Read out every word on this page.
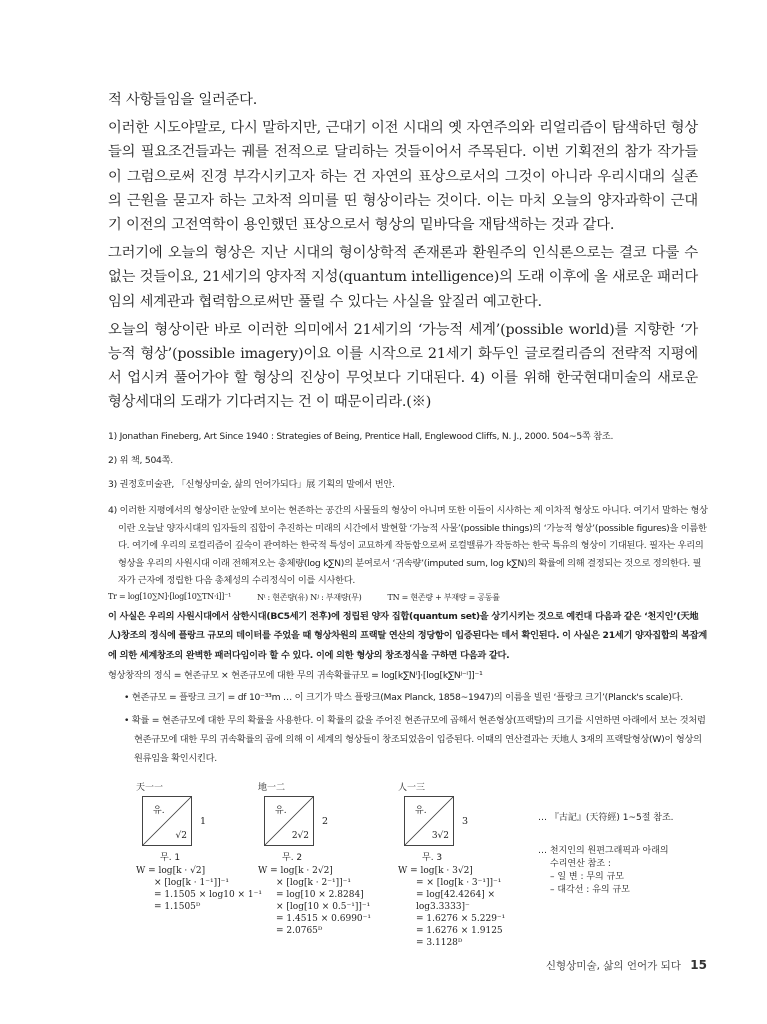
적 사항들임을 일러준다.

이러한 시도야말로, 다시 말하지만, 근대기 이전 시대의 옛 자연주의와 리얼리즘이 탐색하던 형상들의 필요조건들과는 궤를 전적으로 달리하는 것들이어서 주목된다. 이번 기획전의 참가 작가들이 그럼으로써 진경 부각시키고자 하는 건 자연의 표상으로서의 그것이 아니라 우리시대의 실존의 근원을 묻고자 하는 고차적 의미를 띤 형상이라는 것이다. 이는 마치 오늘의 양자과학이 근대기 이전의 고전역학이 용인했던 표상으로서 형상의 밑바닥을 재탐색하는 것과 같다.

그러기에 오늘의 형상은 지난 시대의 형이상학적 존재론과 환원주의 인식론으로는 결코 다룰 수 없는 것들이요, 21세기의 양자적 지성(quantum intelligence)의 도래 이후에 올 새로운 패러다임의 세계관과 협력함으로써만 풀릴 수 있다는 사실을 앞질러 예고한다.

오늘의 형상이란 바로 이러한 의미에서 21세기의 ‘가능적 세계’(possible world)를 지향한 ‘가능적 형상’(possible imagery)이요 이를 시작으로 21세기 화두인 글로컬리즘의 전략적 지평에서 업시켜 풀어가야 할 형상의 진상이 무엇보다 기대된다. 4) 이를 위해 한국현대미술의 새로운 형상세대의 도래가 기다려지는 건 이 때문이리라.(※)

1) Jonathan Fineberg, Art Since 1940 : Strategies of Being, Prentice Hall, Englewood Cliffs, N. J., 2000. 504~5쪽 참조.

2) 위 책, 504쪽.

3) 권정호미술관, 「신형상미술, 삶의 언어가되다」展 기획의 말에서 번안.

4) 이러한 지평에서의 형상이란 눈앞에 보이는 현존하는 공간의 사물들의 형상이 아니며 또한 이들이 시사하는 제 이차적 형상도 아니다. 여기서 말하는 형상이란 오늘날 양자시대의 입자들의 집합이 추진하는 미래의 시간에서 발현할 ‘가능적 사물’(possible things)의 ‘가능적 형상’(possible figures)을 이름한다. 여기에 우리의 로컬리즘이 깊숙이 관여하는 한국적 특성이 교묘하게 작동함으로써 로컬밸류가 작동하는 한국 특유의 형상이 기대된다. 필자는 우리의 형상을 우리의 사원시대 이래 전해져오는 총체량(log k∑N)의 분여로서 ‘귀속량’(imputed sum, log k∑N)의 확률에 의해 결정되는 것으로 정의한다. 필자가 근자에 정립한 다음 총체성의 수리정식이 이를 시사한다.

Tr = log[10∑N]·[log[10∑TN·i]]⁻¹	Nⁱ : 현존량(유) Nʲ : 부재량(무)	TN = 현존량 + 부재량 = 공동률

이 사실은 우리의 사원시대에서 삼한시대(BC5세기 전후)에 정립된 양자 집합(quantum set)을 상기시키는 것으로 예컨대 다음과 같은 ‘천지인’(天地人)창조의 정식에 플랑크 규모의 데이터를 주었을 때 형상차원의 프랙탈 연산의 정당함이 입증된다는 데서 확인된다. 이 사실은 21세기 양자집합의 복잡계에 의한 세계창조의 완벽한 패러다임이라 할 수 있다. 이에 의한 형상의 창조정식을 구하면 다음과 같다.

형상창작의 정식 = 현존규모 × 현존규모에 대한 무의 귀속확률규모 = log[k∑Nⁱ]·[log[k∑Nʲ⁻ⁱ]]⁻¹

• 현존규모 = 플랑크 크기 = df 10⁻³³m … 이 크기가 막스 플랑크(Max Planck, 1858~1947)의 이름을 빌린 ‘플랑크 크기’(Planck's scale)다.

• 확률 = 현존규모에 대한 무의 확률을 사용한다. 이 확률의 값을 주어진 현존규모에 곱해서 현존형상(프랙탈)의 크기를 시연하면 아래에서 보는 것처럼 현존규모에 대한 무의 귀속확률의 곱에 의해 이 세계의 형상들이 창조되었음이 입증된다. 이때의 연산결과는 天地人 3재의 프랙탈형상(W)이 형상의 원류임을 확인시킨다.

天一一
유.
√2
1
무. 1
W = log[k · √2]
× [log[k · 1⁻¹]]⁻¹
= 1.1505 × log10 × 1⁻¹
= 1.1505ᴰ
地一二
유.
2√2
2
무. 2
W = log[k · 2√2]
× [log[k · 2⁻¹]]⁻¹
= log[10 × 2.8284]
× [log[10 × 0.5⁻¹]]⁻¹
= 1.4515 × 0.6990⁻¹
= 2.0765ᴰ
人一三
유.
3√2
3
무. 3
W = log[k · 3√2]
= × [log[k · 3⁻¹]]⁻¹
= log[42.4264] × log3.3333]⁻
= 1.6276 × 5.229⁻¹
= 1.6276 × 1.9125
= 3.1128ᴰ
… 『古記』(天符經) 1~5절 참조.
… 천지인의 원편그래픽과 아래의
수리연산 참조 :
– 일 변 : 무의 규모
– 대각선 : 유의 규모
신형상미술, 삶의 언어가 되다 15
